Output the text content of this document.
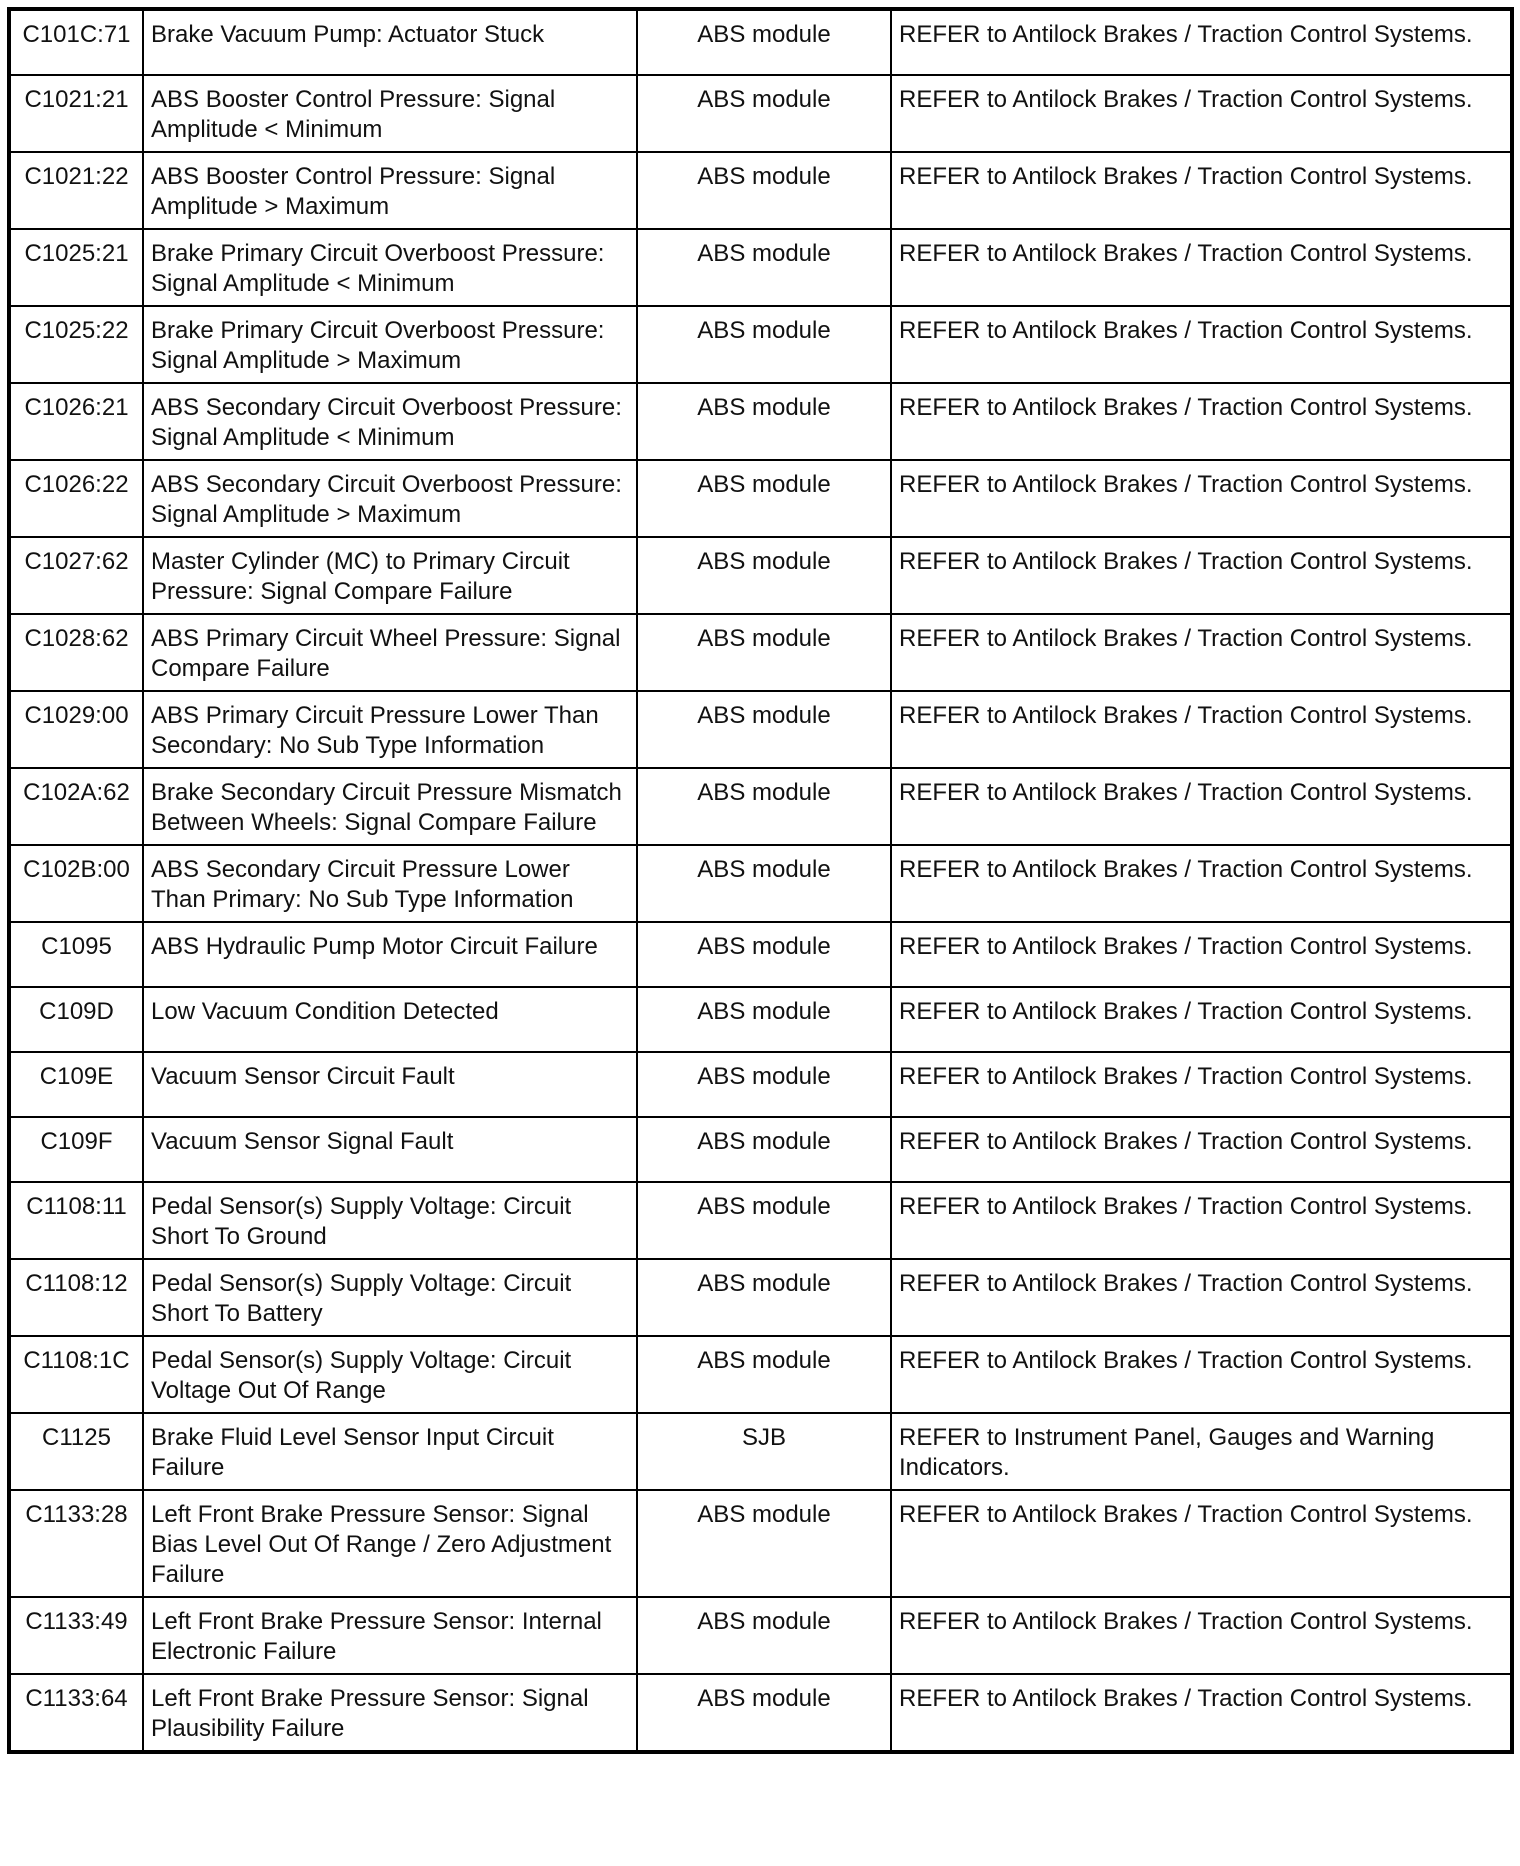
C101C:71	Brake Vacuum Pump: Actuator Stuck	ABS module	REFER to Antilock Brakes / Traction Control Systems.
C1021:21	ABS Booster Control Pressure: Signal Amplitude < Minimum	ABS module	REFER to Antilock Brakes / Traction Control Systems.
C1021:22	ABS Booster Control Pressure: Signal Amplitude > Maximum	ABS module	REFER to Antilock Brakes / Traction Control Systems.
C1025:21	Brake Primary Circuit Overboost Pressure: Signal Amplitude < Minimum	ABS module	REFER to Antilock Brakes / Traction Control Systems.
C1025:22	Brake Primary Circuit Overboost Pressure: Signal Amplitude > Maximum	ABS module	REFER to Antilock Brakes / Traction Control Systems.
C1026:21	ABS Secondary Circuit Overboost Pressure: Signal Amplitude < Minimum	ABS module	REFER to Antilock Brakes / Traction Control Systems.
C1026:22	ABS Secondary Circuit Overboost Pressure: Signal Amplitude > Maximum	ABS module	REFER to Antilock Brakes / Traction Control Systems.
C1027:62	Master Cylinder (MC) to Primary Circuit Pressure: Signal Compare Failure	ABS module	REFER to Antilock Brakes / Traction Control Systems.
C1028:62	ABS Primary Circuit Wheel Pressure: Signal Compare Failure	ABS module	REFER to Antilock Brakes / Traction Control Systems.
C1029:00	ABS Primary Circuit Pressure Lower Than Secondary: No Sub Type Information	ABS module	REFER to Antilock Brakes / Traction Control Systems.
C102A:62	Brake Secondary Circuit Pressure Mismatch Between Wheels: Signal Compare Failure	ABS module	REFER to Antilock Brakes / Traction Control Systems.
C102B:00	ABS Secondary Circuit Pressure Lower Than Primary: No Sub Type Information	ABS module	REFER to Antilock Brakes / Traction Control Systems.
C1095	ABS Hydraulic Pump Motor Circuit Failure	ABS module	REFER to Antilock Brakes / Traction Control Systems.
C109D	Low Vacuum Condition Detected	ABS module	REFER to Antilock Brakes / Traction Control Systems.
C109E	Vacuum Sensor Circuit Fault	ABS module	REFER to Antilock Brakes / Traction Control Systems.
C109F	Vacuum Sensor Signal Fault	ABS module	REFER to Antilock Brakes / Traction Control Systems.
C1108:11	Pedal Sensor(s) Supply Voltage: Circuit Short To Ground	ABS module	REFER to Antilock Brakes / Traction Control Systems.
C1108:12	Pedal Sensor(s) Supply Voltage: Circuit Short To Battery	ABS module	REFER to Antilock Brakes / Traction Control Systems.
C1108:1C	Pedal Sensor(s) Supply Voltage: Circuit Voltage Out Of Range	ABS module	REFER to Antilock Brakes / Traction Control Systems.
C1125	Brake Fluid Level Sensor Input Circuit Failure	SJB	REFER to Instrument Panel, Gauges and Warning Indicators.
C1133:28	Left Front Brake Pressure Sensor: Signal Bias Level Out Of Range / Zero Adjustment Failure	ABS module	REFER to Antilock Brakes / Traction Control Systems.
C1133:49	Left Front Brake Pressure Sensor: Internal Electronic Failure	ABS module	REFER to Antilock Brakes / Traction Control Systems.
C1133:64	Left Front Brake Pressure Sensor: Signal Plausibility Failure	ABS module	REFER to Antilock Brakes / Traction Control Systems.
